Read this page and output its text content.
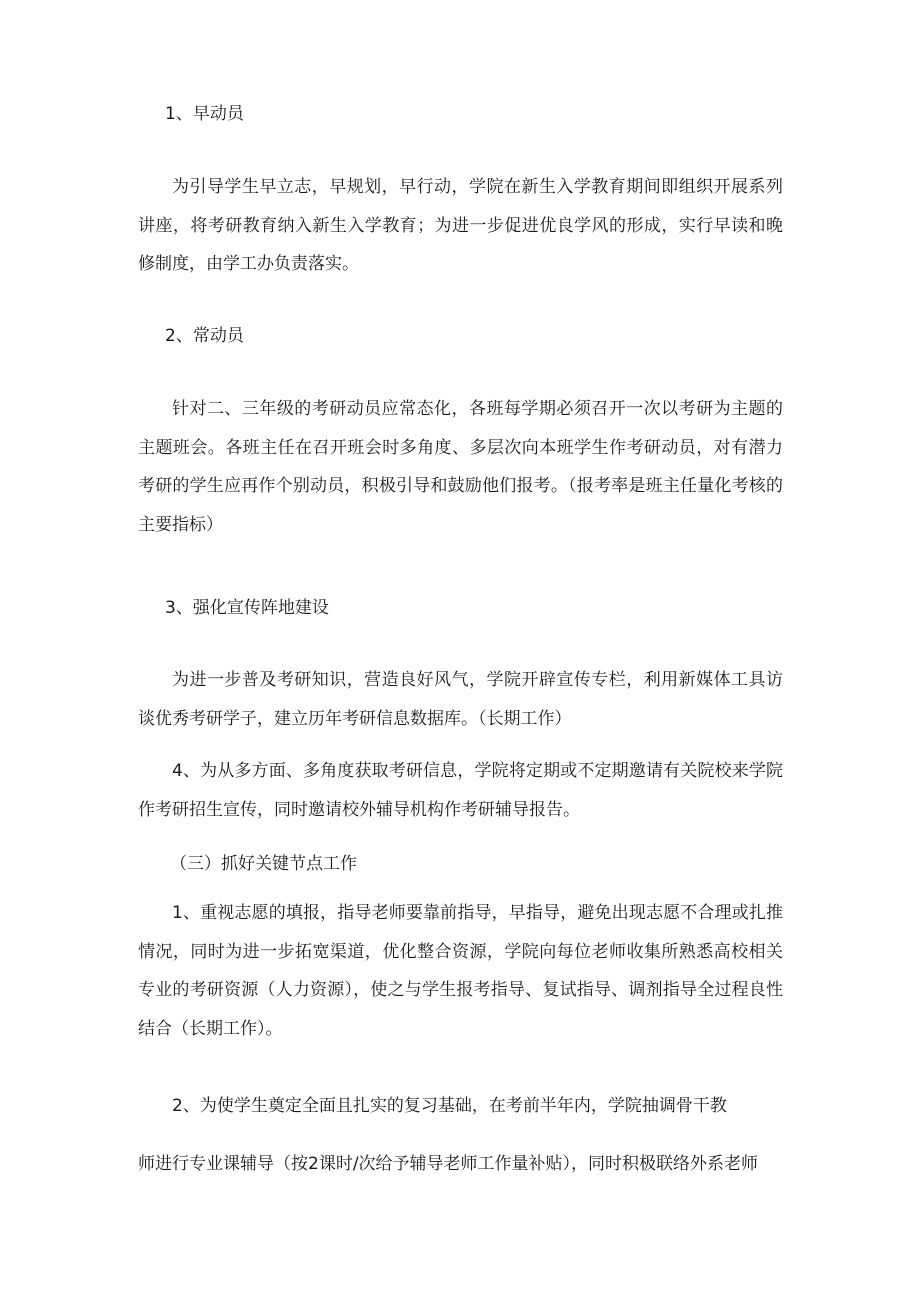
1、早动员
为引导学生早立志，早规划，早行动，学院在新生入学教育期间即组织开展系列讲座，将考研教育纳入新生入学教育；为进一步促进优良学风的形成，实行早读和晚修制度，由学工办负责落实。
2、常动员
针对二、三年级的考研动员应常态化，各班每学期必须召开一次以考研为主题的主题班会。各班主任在召开班会时多角度、多层次向本班学生作考研动员，对有潜力考研的学生应再作个别动员，积极引导和鼓励他们报考。（报考率是班主任量化考核的主要指标）
3、强化宣传阵地建设
为进一步普及考研知识，营造良好风气，学院开辟宣传专栏，利用新媒体工具访谈优秀考研学子，建立历年考研信息数据库。（长期工作）
4、为从多方面、多角度获取考研信息，学院将定期或不定期邀请有关院校来学院作考研招生宣传，同时邀请校外辅导机构作考研辅导报告。
（三）抓好关键节点工作
1、重视志愿的填报，指导老师要靠前指导，早指导，避免出现志愿不合理或扎推情况，同时为进一步拓宽渠道，优化整合资源，学院向每位老师收集所熟悉高校相关专业的考研资源（人力资源），使之与学生报考指导、复试指导、调剂指导全过程良性结合（长期工作）。
2、为使学生奠定全面且扎实的复习基础，在考前半年内，学院抽调骨干教
师进行专业课辅导（按2课时/次给予辅导老师工作量补贴），同时积极联络外系老师
